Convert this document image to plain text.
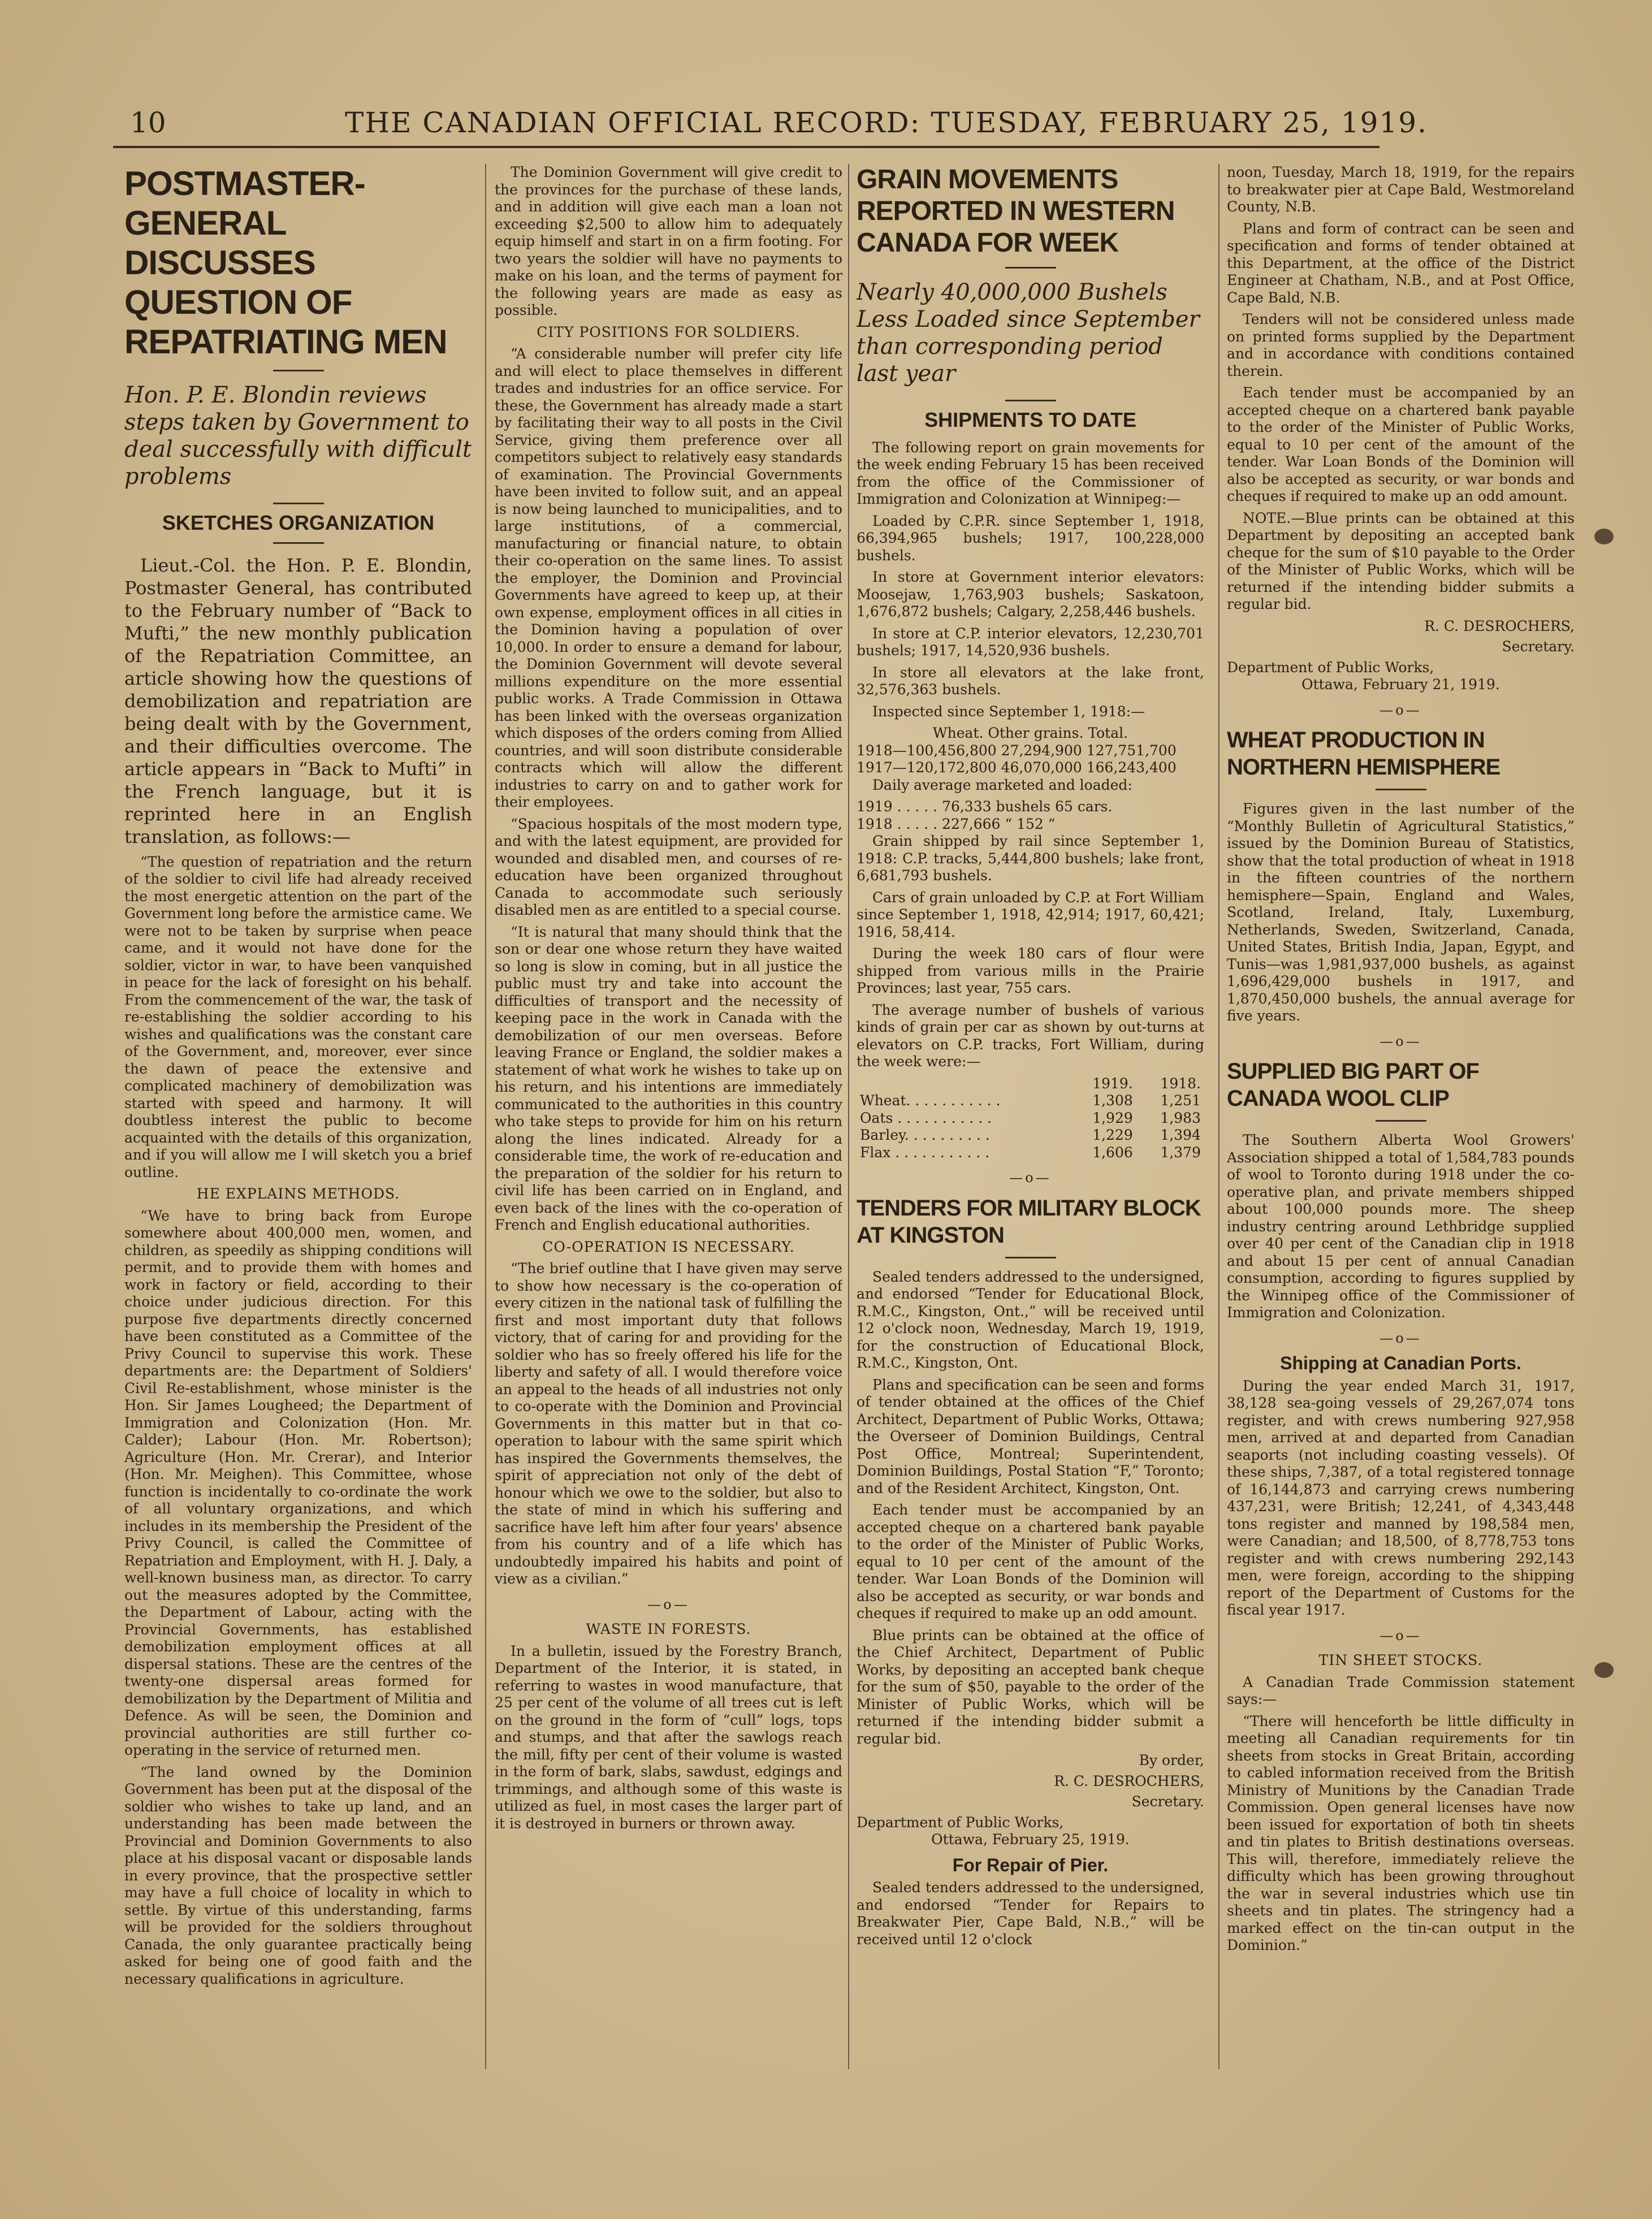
10	THE CANADIAN OFFICIAL RECORD: TUESDAY, FEBRUARY 25, 1919.
POSTMASTER-GENERAL DISCUSSES QUESTION OF REPATRIATING MEN
Hon. P. E. Blondin reviews steps taken by Government to deal successfully with difficult problems
SKETCHES ORGANIZATION

Lieut.-Col. the Hon. P. E. Blondin, Postmaster General, has contributed to the February number of “Back to Mufti,” the new monthly publication of the Repatriation Committee, an article showing how the questions of demobilization and repatriation are being dealt with by the Government, and their difficulties overcome. The article appears in “Back to Mufti” in the French language, but it is reprinted here in an English translation, as follows:—

“The question of repatriation and the return of the soldier to civil life had already received the most energetic attention on the part of the Government long before the armistice came. We were not to be taken by surprise when peace came, and it would not have done for the soldier, victor in war, to have been vanquished in peace for the lack of foresight on his behalf. From the commencement of the war, the task of re-establishing the soldier according to his wishes and qualifications was the constant care of the Government, and, moreover, ever since the dawn of peace the extensive and complicated machinery of demobilization was started with speed and harmony. It will doubtless interest the public to become acquainted with the details of this organization, and if you will allow me I will sketch you a brief outline.

HE EXPLAINS METHODS.

“We have to bring back from Europe somewhere about 400,000 men, women, and children, as speedily as shipping conditions will permit, and to provide them with homes and work in factory or field, according to their choice under judicious direction. For this purpose five departments directly concerned have been constituted as a Committee of the Privy Council to supervise this work. These departments are: the Department of Soldiers' Civil Re-establishment, whose minister is the Hon. Sir James Lougheed; the Department of Immigration and Colonization (Hon. Mr. Calder); Labour (Hon. Mr. Robertson); Agriculture (Hon. Mr. Crerar), and Interior (Hon. Mr. Meighen). This Committee, whose function is incidentally to co-ordinate the work of all voluntary organizations, and which includes in its membership the President of the Privy Council, is called the Committee of Repatriation and Employment, with H. J. Daly, a well-known business man, as director. To carry out the measures adopted by the Committee, the Department of Labour, acting with the Provincial Governments, has established demobilization employment offices at all dispersal stations. These are the centres of the twenty-one dispersal areas formed for demobilization by the Department of Militia and Defence. As will be seen, the Dominion and provincial authorities are still further co-operating in the service of returned men.

“The land owned by the Dominion Government has been put at the disposal of the soldier who wishes to take up land, and an understanding has been made between the Provincial and Dominion Governments to also place at his disposal vacant or disposable lands in every province, that the prospective settler may have a full choice of locality in which to settle. By virtue of this understanding, farms will be provided for the soldiers throughout Canada, the only guarantee practically being asked for being one of good faith and the necessary qualifications in agriculture.

The Dominion Government will give credit to the provinces for the purchase of these lands, and in addition will give each man a loan not exceeding $2,500 to allow him to adequately equip himself and start in on a firm footing. For two years the soldier will have no payments to make on his loan, and the terms of payment for the following years are made as easy as possible.

CITY POSITIONS FOR SOLDIERS.

“A considerable number will prefer city life and will elect to place themselves in different trades and industries for an office service. For these, the Government has already made a start by facilitating their way to all posts in the Civil Service, giving them preference over all competitors subject to relatively easy standards of examination. The Provincial Governments have been invited to follow suit, and an appeal is now being launched to municipalities, and to large institutions, of a commercial, manufacturing or financial nature, to obtain their co-operation on the same lines. To assist the employer, the Dominion and Provincial Governments have agreed to keep up, at their own expense, employment offices in all cities in the Dominion having a population of over 10,000. In order to ensure a demand for labour, the Dominion Government will devote several millions expenditure on the more essential public works. A Trade Commission in Ottawa has been linked with the overseas organization which disposes of the orders coming from Allied countries, and will soon distribute considerable contracts which will allow the different industries to carry on and to gather work for their employees.

“Spacious hospitals of the most modern type, and with the latest equipment, are provided for wounded and disabled men, and courses of re-education have been organized throughout Canada to accommodate such seriously disabled men as are entitled to a special course.

“It is natural that many should think that the son or dear one whose return they have waited so long is slow in coming, but in all justice the public must try and take into account the difficulties of transport and the necessity of keeping pace in the work in Canada with the demobilization of our men overseas. Before leaving France or England, the soldier makes a statement of what work he wishes to take up on his return, and his intentions are immediately communicated to the authorities in this country who take steps to provide for him on his return along the lines indicated. Already for a considerable time, the work of re-education and the preparation of the soldier for his return to civil life has been carried on in England, and even back of the lines with the co-operation of French and English educational authorities.

CO-OPERATION IS NECESSARY.

“The brief outline that I have given may serve to show how necessary is the co-operation of every citizen in the national task of fulfilling the first and most important duty that follows victory, that of caring for and providing for the soldier who has so freely offered his life for the liberty and safety of all. I would therefore voice an appeal to the heads of all industries not only to co-operate with the Dominion and Provincial Governments in this matter but in that co-operation to labour with the same spirit which has inspired the Governments themselves, the spirit of appreciation not only of the debt of honour which we owe to the soldier, but also to the state of mind in which his suffering and sacrifice have left him after four years' absence from his country and of a life which has undoubtedly impaired his habits and point of view as a civilian.”

—o—
WASTE IN FORESTS.

In a bulletin, issued by the Forestry Branch, Department of the Interior, it is stated, in referring to wastes in wood manufacture, that 25 per cent of the volume of all trees cut is left on the ground in the form of “cull” logs, tops and stumps, and that after the sawlogs reach the mill, fifty per cent of their volume is wasted in the form of bark, slabs, sawdust, edgings and trimmings, and although some of this waste is utilized as fuel, in most cases the larger part of it is destroyed in burners or thrown away.

GRAIN MOVEMENTS REPORTED IN WESTERN CANADA FOR WEEK
Nearly 40,000,000 Bushels Less Loaded since September than corresponding period last year
SHIPMENTS TO DATE

The following report on grain movements for the week ending February 15 has been received from the office of the Commissioner of Immigration and Colonization at Winnipeg:—

Loaded by C.P.R. since September 1, 1918, 66,394,965 bushels; 1917, 100,228,000 bushels.

In store at Government interior elevators: Moosejaw, 1,763,903 bushels; Saskatoon, 1,676,872 bushels; Calgary, 2,258,446 bushels.

In store at C.P. interior elevators, 12,230,701 bushels; 1917, 14,520,936 bushels.

In store all elevators at the lake front, 32,576,363 bushels.

Inspected since September 1, 1918:—

Wheat. Other grains. Total.
1918—100,456,800 27,294,900 127,751,700
1917—120,172,800 46,070,000 166,243,400

Daily average marketed and loaded:

1919 . . . . . 76,333 bushels 65 cars.
1918 . . . . . 227,666 “ 152 “

Grain shipped by rail since September 1, 1918: C.P. tracks, 5,444,800 bushels; lake front, 6,681,793 bushels.

Cars of grain unloaded by C.P. at Fort William since September 1, 1918, 42,914; 1917, 60,421; 1916, 58,414.

During the week 180 cars of flour were shipped from various mills in the Prairie Provinces; last year, 755 cars.

The average number of bushels of various kinds of grain per car as shown by out-turns at elevators on C.P. tracks, Fort William, during the week were:—

	1919.	1918.
Wheat. . . . . . . . . . .	1,308	1,251
Oats . . . . . . . . . . .	1,929	1,983
Barley. . . . . . . . . .	1,229	1,394
Flax . . . . . . . . . . .	1,606	1,379
—o—
TENDERS FOR MILITARY BLOCK AT KINGSTON

Sealed tenders addressed to the undersigned, and endorsed “Tender for Educational Block, R.M.C., Kingston, Ont.,” will be received until 12 o'clock noon, Wednesday, March 19, 1919, for the construction of Educational Block, R.M.C., Kingston, Ont.

Plans and specification can be seen and forms of tender obtained at the offices of the Chief Architect, Department of Public Works, Ottawa; the Overseer of Dominion Buildings, Central Post Office, Montreal; Superintendent, Dominion Buildings, Postal Station “F,” Toronto; and of the Resident Architect, Kingston, Ont.

Each tender must be accompanied by an accepted cheque on a chartered bank payable to the order of the Minister of Public Works, equal to 10 per cent of the amount of the tender. War Loan Bonds of the Dominion will also be accepted as security, or war bonds and cheques if required to make up an odd amount.

Blue prints can be obtained at the office of the Chief Architect, Department of Public Works, by depositing an accepted bank cheque for the sum of $50, payable to the order of the Minister of Public Works, which will be returned if the intending bidder submit a regular bid.

By order,
R. C. DESROCHERS,
Secretary.
Department of Public Works,
Ottawa, February 25, 1919.
For Repair of Pier.

Sealed tenders addressed to the undersigned, and endorsed “Tender for Repairs to Breakwater Pier, Cape Bald, N.B.,” will be received until 12 o'clock

noon, Tuesday, March 18, 1919, for the repairs to breakwater pier at Cape Bald, Westmoreland County, N.B.

Plans and form of contract can be seen and specification and forms of tender obtained at this Department, at the office of the District Engineer at Chatham, N.B., and at Post Office, Cape Bald, N.B.

Tenders will not be considered unless made on printed forms supplied by the Department and in accordance with conditions contained therein.

Each tender must be accompanied by an accepted cheque on a chartered bank payable to the order of the Minister of Public Works, equal to 10 per cent of the amount of the tender. War Loan Bonds of the Dominion will also be accepted as security, or war bonds and cheques if required to make up an odd amount.

NOTE.—Blue prints can be obtained at this Department by depositing an accepted bank cheque for the sum of $10 payable to the Order of the Minister of Public Works, which will be returned if the intending bidder submits a regular bid.

R. C. DESROCHERS,
Secretary.
Department of Public Works,
Ottawa, February 21, 1919.
—o—
WHEAT PRODUCTION IN NORTHERN HEMISPHERE

Figures given in the last number of the “Monthly Bulletin of Agricultural Statistics,” issued by the Dominion Bureau of Statistics, show that the total production of wheat in 1918 in the fifteen countries of the northern hemisphere—Spain, England and Wales, Scotland, Ireland, Italy, Luxemburg, Netherlands, Sweden, Switzerland, Canada, United States, British India, Japan, Egypt, and Tunis—was 1,981,937,000 bushels, as against 1,696,429,000 bushels in 1917, and 1,870,450,000 bushels, the annual average for five years.

—o—
SUPPLIED BIG PART OF CANADA WOOL CLIP

The Southern Alberta Wool Growers' Association shipped a total of 1,584,783 pounds of wool to Toronto during 1918 under the co-operative plan, and private members shipped about 100,000 pounds more. The sheep industry centring around Lethbridge supplied over 40 per cent of the Canadian clip in 1918 and about 15 per cent of annual Canadian consumption, according to figures supplied by the Winnipeg office of the Commissioner of Immigration and Colonization.

—o—
Shipping at Canadian Ports.

During the year ended March 31, 1917, 38,128 sea-going vessels of 29,267,074 tons register, and with crews numbering 927,958 men, arrived at and departed from Canadian seaports (not including coasting vessels). Of these ships, 7,387, of a total registered tonnage of 16,144,873 and carrying crews numbering 437,231, were British; 12,241, of 4,343,448 tons register and manned by 198,584 men, were Canadian; and 18,500, of 8,778,753 tons register and with crews numbering 292,143 men, were foreign, according to the shipping report of the Department of Customs for the fiscal year 1917.

—o—
TIN SHEET STOCKS.

A Canadian Trade Commission statement says:—

“There will henceforth be little difficulty in meeting all Canadian requirements for tin sheets from stocks in Great Britain, according to cabled information received from the British Ministry of Munitions by the Canadian Trade Commission. Open general licenses have now been issued for exportation of both tin sheets and tin plates to British destinations overseas. This will, therefore, immediately relieve the difficulty which has been growing throughout the war in several industries which use tin sheets and tin plates. The stringency had a marked effect on the tin-can output in the Dominion.”
